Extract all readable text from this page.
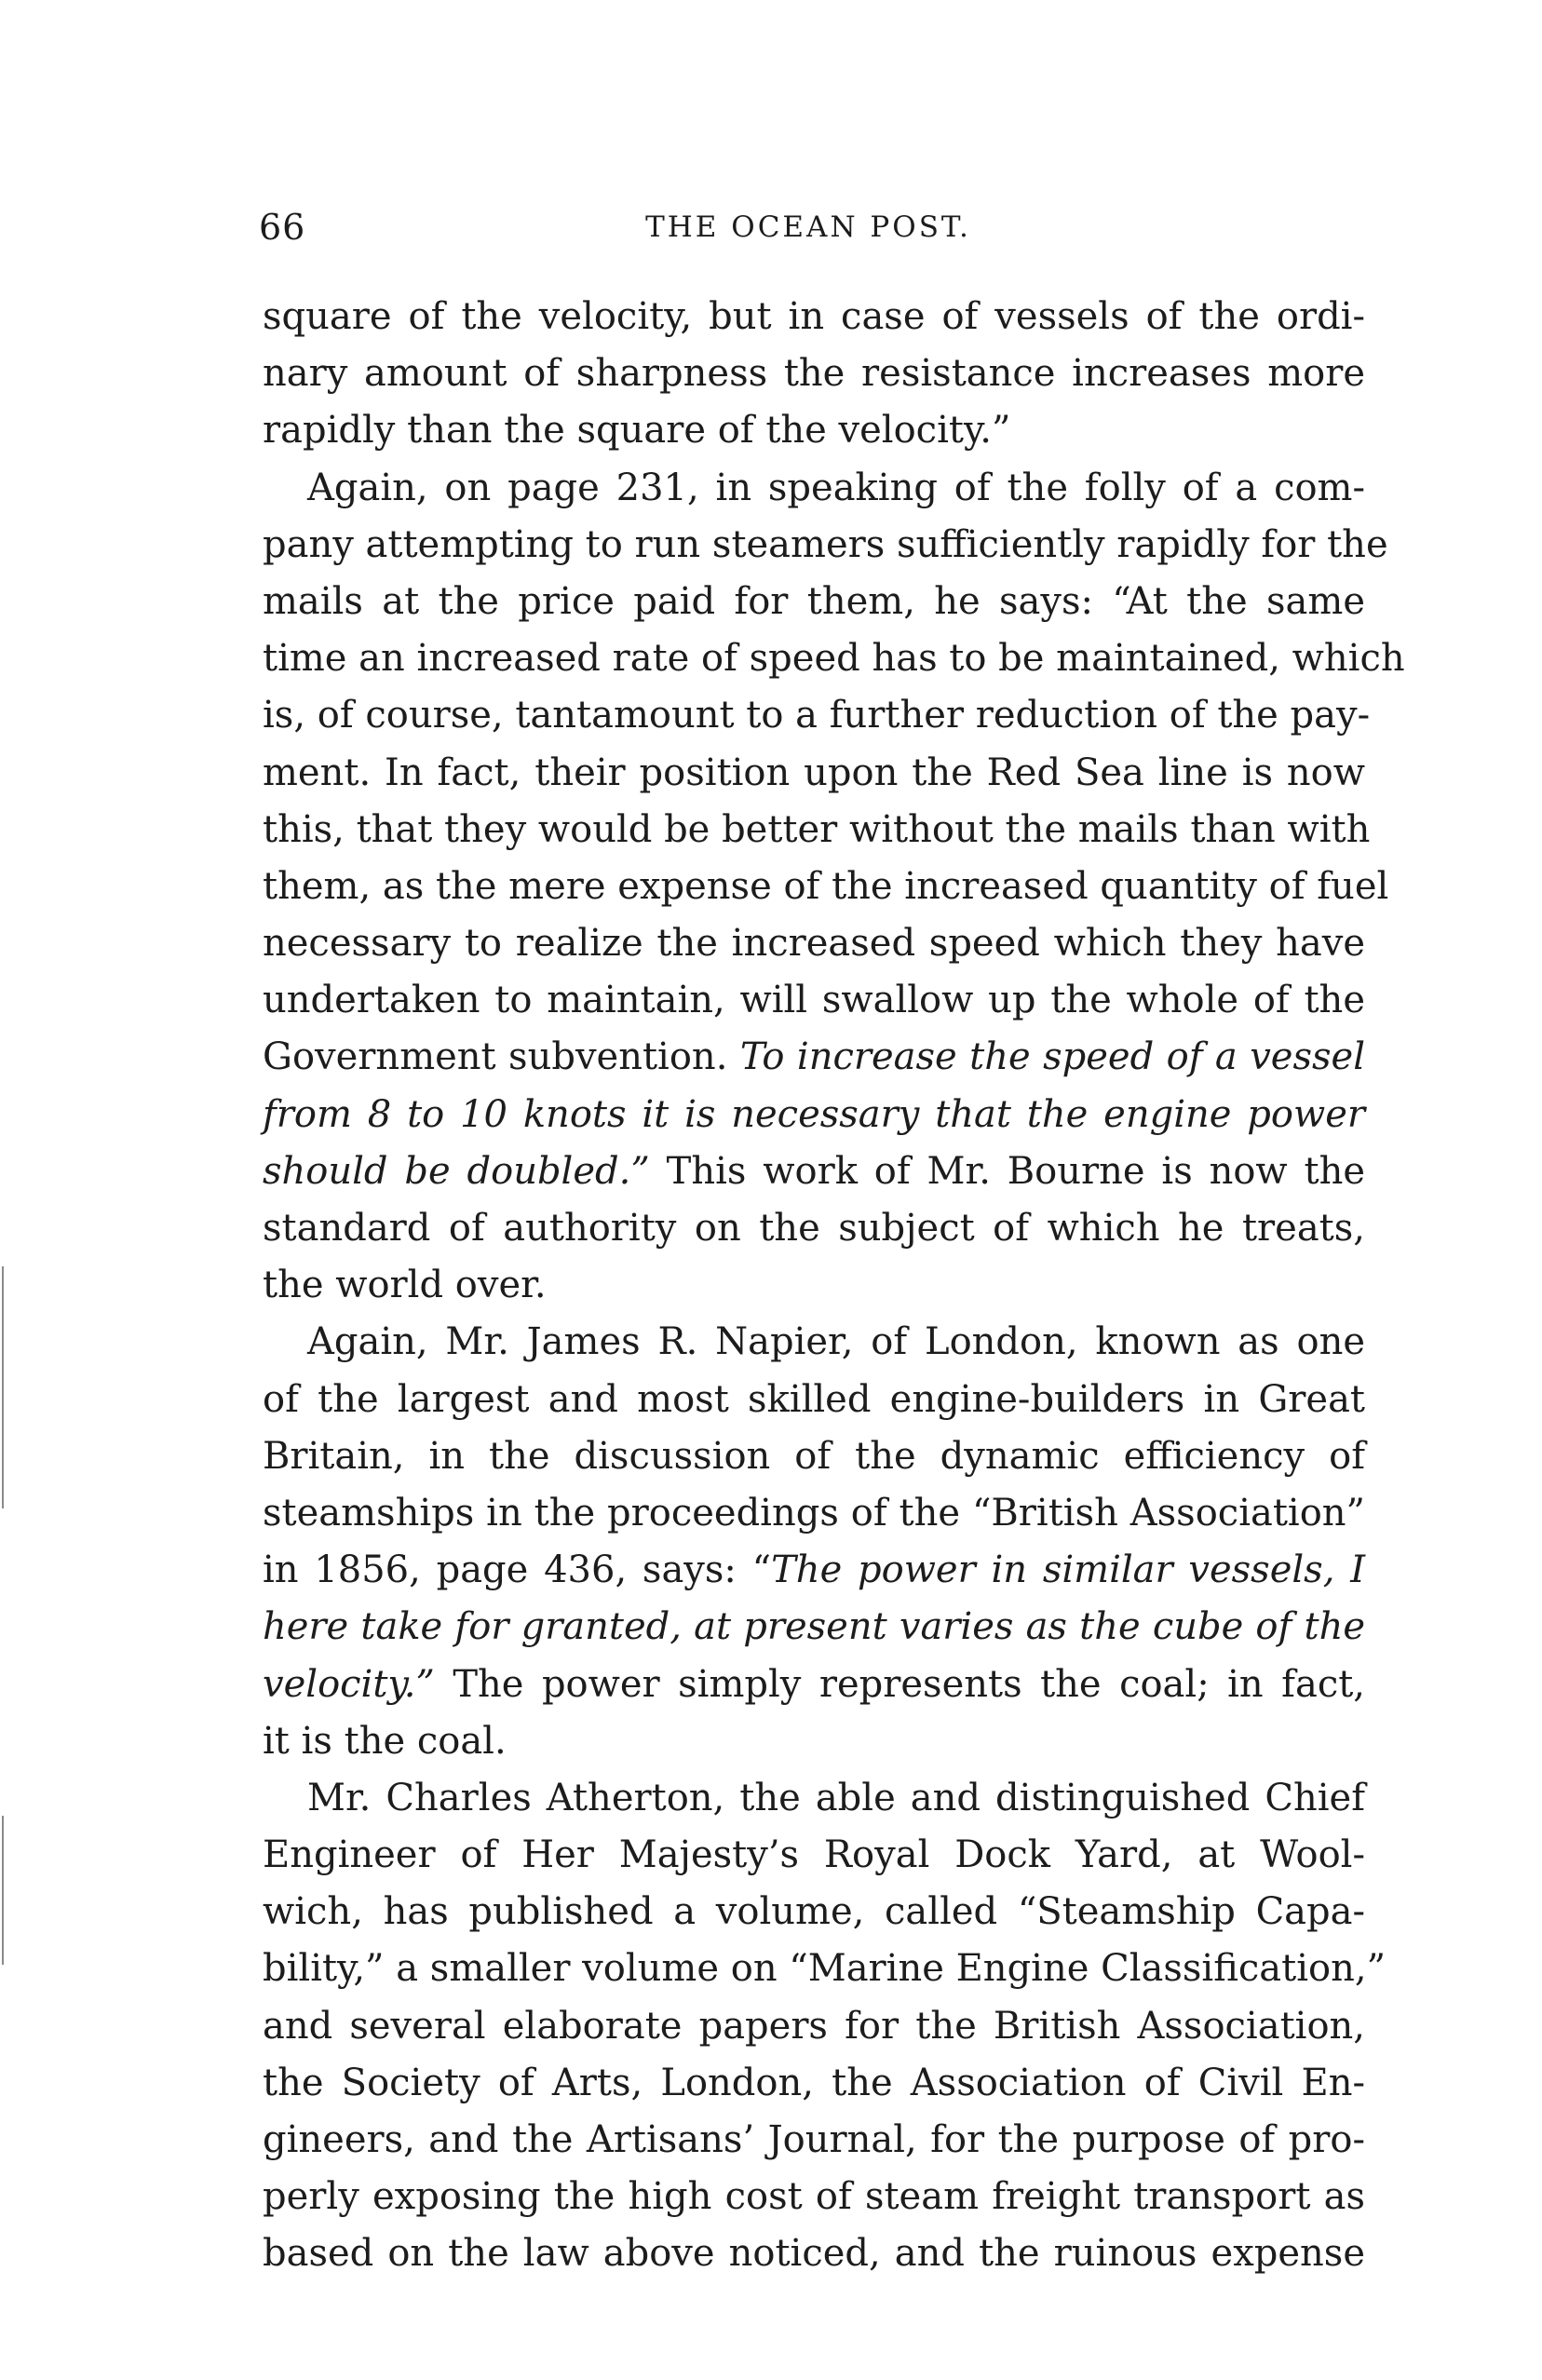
66	THE OCEAN POST.
square of the velocity, but in case of vessels of the ordi-
nary amount of sharpness the resistance increases more
rapidly than the square of the velocity.”
Again, on page 231, in speaking of the folly of a com-
pany attempting to run steamers sufficiently rapidly for the
mails at the price paid for them, he says: “At the same
time an increased rate of speed has to be maintained, which
is, of course, tantamount to a further reduction of the pay-
ment. In fact, their position upon the Red Sea line is now
this, that they would be better without the mails than with
them, as the mere expense of the increased quantity of fuel
necessary to realize the increased speed which they have
undertaken to maintain, will swallow up the whole of the
Government subvention. To increase the speed of a vessel
from 8 to 10 knots it is necessary that the engine power
should be doubled.” This work of Mr. Bourne is now the
standard of authority on the subject of which he treats,
the world over.
Again, Mr. James R. Napier, of London, known as one
of the largest and most skilled engine-builders in Great
Britain, in the discussion of the dynamic efficiency of
steamships in the proceedings of the “British Association”
in 1856, page 436, says: “The power in similar vessels, I
here take for granted, at present varies as the cube of the
velocity.” The power simply represents the coal; in fact,
it is the coal.
Mr. Charles Atherton, the able and distinguished Chief
Engineer of Her Majesty’s Royal Dock Yard, at Wool-
wich, has published a volume, called “Steamship Capa-
bility,” a smaller volume on “Marine Engine Classification,”
and several elaborate papers for the British Association,
the Society of Arts, London, the Association of Civil En-
gineers, and the Artisans’ Journal, for the purpose of pro-
perly exposing the high cost of steam freight transport as
based on the law above noticed, and the ruinous expense
